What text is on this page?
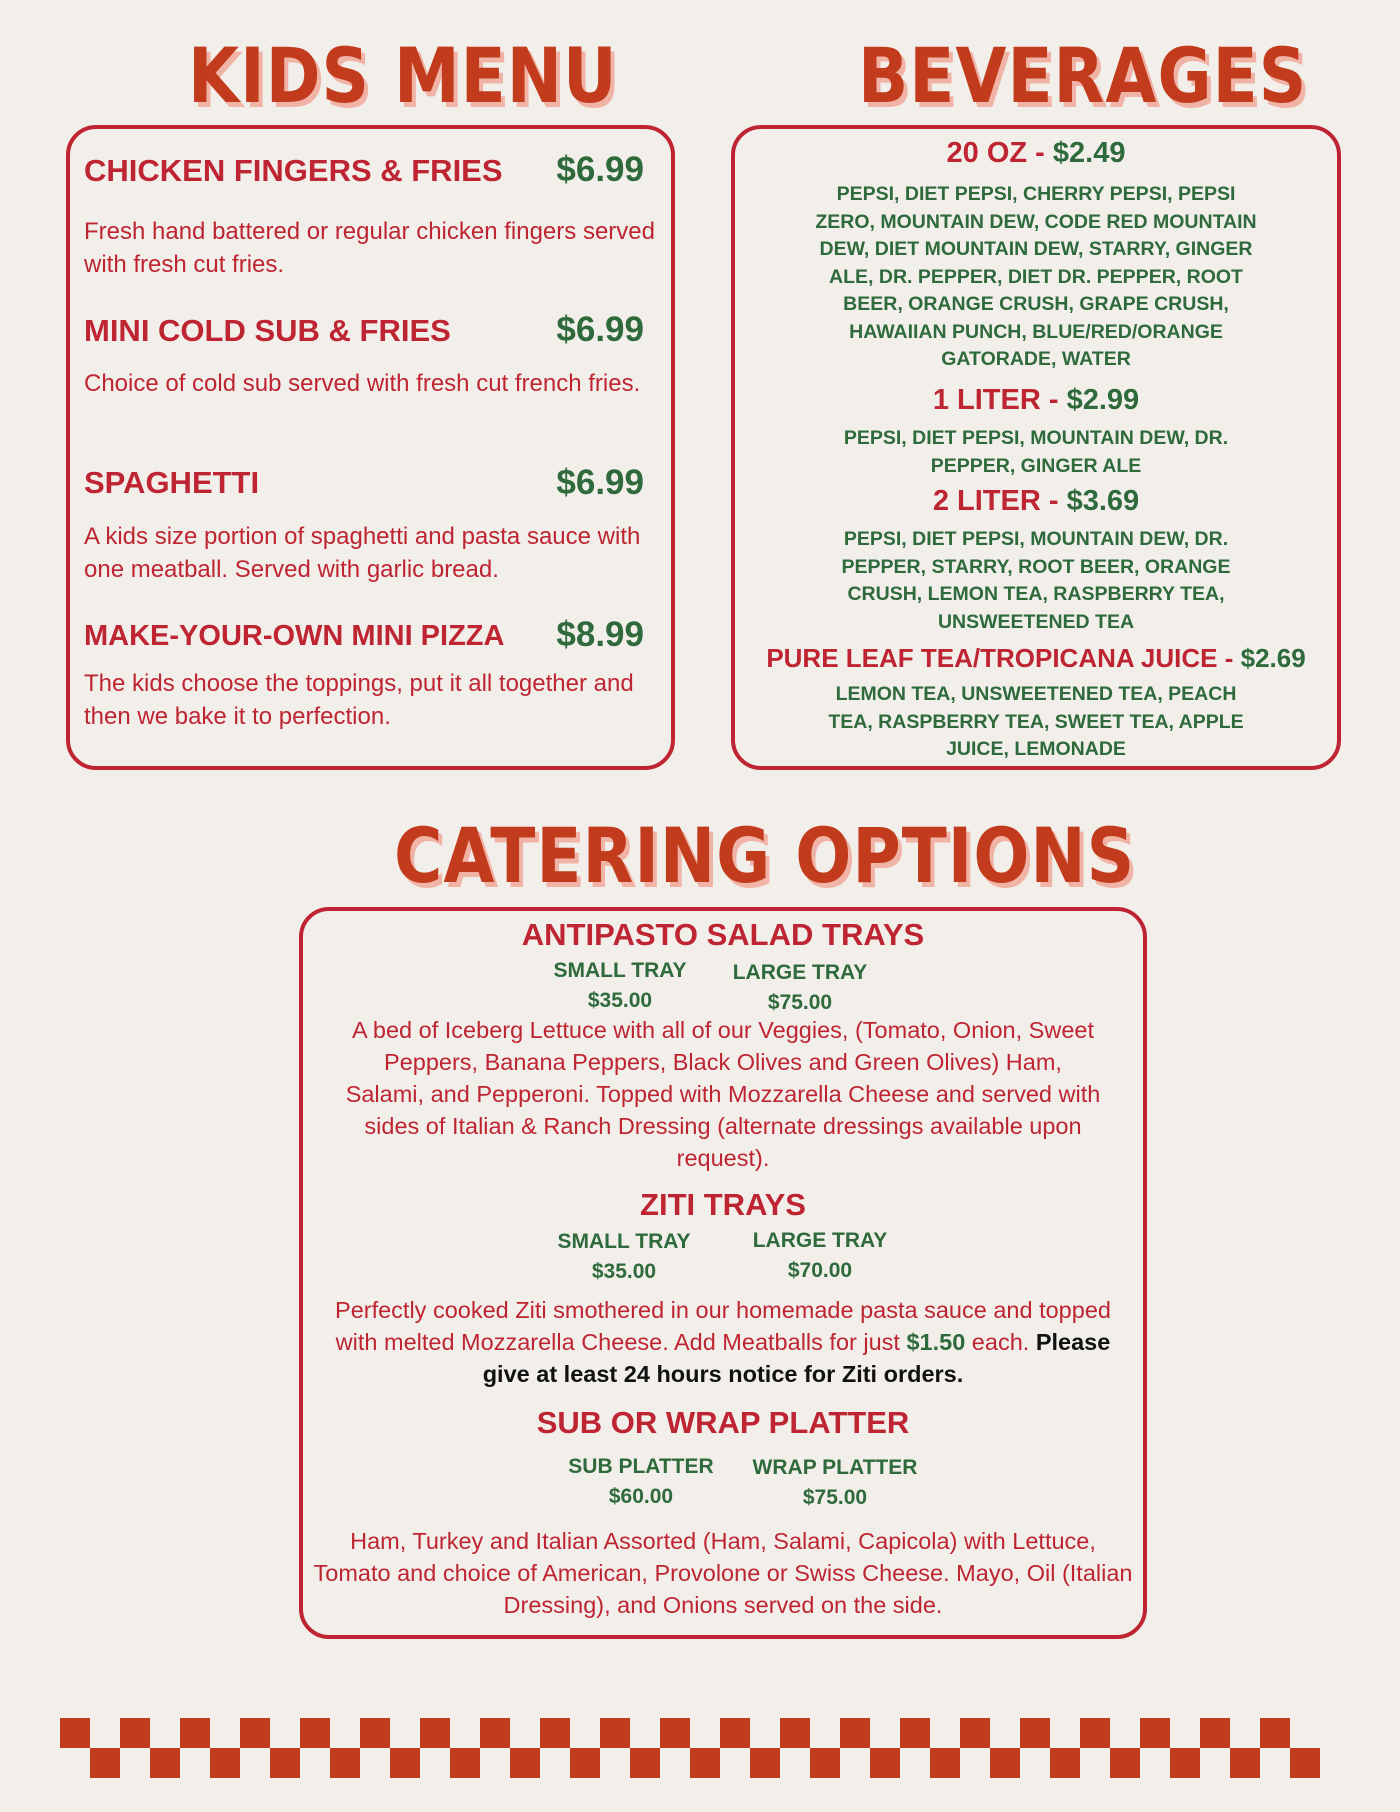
KIDS MENU	BEVERAGES
CATERING OPTIONS
CHICKEN FINGERS & FRIES $6.99
Fresh hand battered or regular chicken fingers served with fresh cut fries.
MINI COLD SUB & FRIES	$6.99
Choice of cold sub served with fresh cut french fries.
SPAGHETTI	$6.99
A kids size portion of spaghetti and pasta sauce with one meatball. Served with garlic bread.
MAKE-YOUR-OWN MINI PIZZA $8.99
The kids choose the toppings, put it all together and then we bake it to perfection.
20 OZ - $2.49
PEPSI, DIET PEPSI, CHERRY PEPSI, PEPSI ZERO, MOUNTAIN DEW, CODE RED MOUNTAIN DEW, DIET MOUNTAIN DEW, STARRY, GINGER ALE, DR. PEPPER, DIET DR. PEPPER, ROOT BEER, ORANGE CRUSH, GRAPE CRUSH, HAWAIIAN PUNCH, BLUE/RED/ORANGE GATORADE, WATER
1 LITER - $2.99
PEPSI, DIET PEPSI, MOUNTAIN DEW, DR. PEPPER, GINGER ALE
2 LITER - $3.69
PEPSI, DIET PEPSI, MOUNTAIN DEW, DR. PEPPER, STARRY, ROOT BEER, ORANGE CRUSH, LEMON TEA, RASPBERRY TEA, UNSWEETENED TEA
PURE LEAF TEA/TROPICANA JUICE - $2.69
LEMON TEA, UNSWEETENED TEA, PEACH TEA, RASPBERRY TEA, SWEET TEA, APPLE JUICE, LEMONADE
ANTIPASTO SALAD TRAYS
SMALL TRAY
$35.00
LARGE TRAY
$75.00
A bed of Iceberg Lettuce with all of our Veggies, (Tomato, Onion, Sweet Peppers, Banana Peppers, Black Olives and Green Olives) Ham, Salami, and Pepperoni. Topped with Mozzarella Cheese and served with sides of Italian & Ranch Dressing (alternate dressings available upon request).
ZITI TRAYS
SMALL TRAY
$35.00
LARGE TRAY
$70.00
Perfectly cooked Ziti smothered in our homemade pasta sauce and topped with melted Mozzarella Cheese. Add Meatballs for just $1.50 each. Please give at least 24 hours notice for Ziti orders.
SUB OR WRAP PLATTER
SUB PLATTER
$60.00
WRAP PLATTER
$75.00
Ham, Turkey and Italian Assorted (Ham, Salami, Capicola) with Lettuce, Tomato and choice of American, Provolone or Swiss Cheese. Mayo, Oil (Italian Dressing), and Onions served on the side.
